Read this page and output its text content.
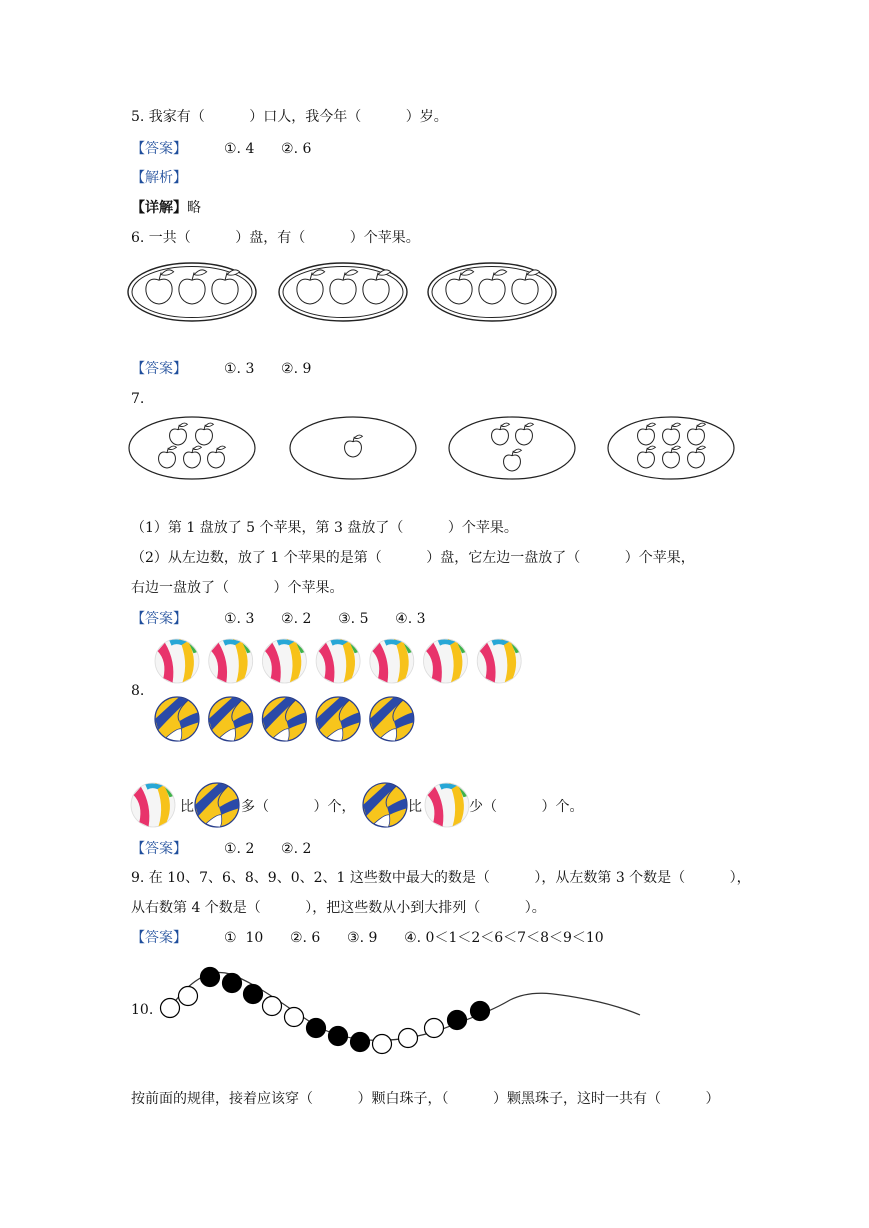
5. 我家有（          ）口人，我今年（          ）岁。
【答案】	①. 4      ②. 6
【解析】
【详解】略
6. 一共（          ）盘，有（          ）个苹果。
【答案】	①. 3      ②. 9
7.
（1）第 1 盘放了 5 个苹果，第 3 盘放了（          ）个苹果。
（2）从左边数，放了 1 个苹果的是第（          ）盘，它左边一盘放了（          ）个苹果，
右边一盘放了（          ）个苹果。
【答案】	①. 3      ②. 2      ③. 5      ④. 3
8.
比	多（          ）个，	比	少（          ）个。
【答案】	①. 2      ②. 2
9. 在 10、7、6、8、9、0、2、1 这些数中最大的数是（          ），从左数第 3 个数是（          ），
从右数第 4 个数是（          ），把这些数从小到大排列（          ）。
【答案】	①  10      ②. 6      ③. 9      ④. 0＜1＜2＜6＜7＜8＜9＜10
10.
按前面的规律，接着应该穿（          ）颗白珠子，（          ）颗黑珠子，这时一共有（          ）
